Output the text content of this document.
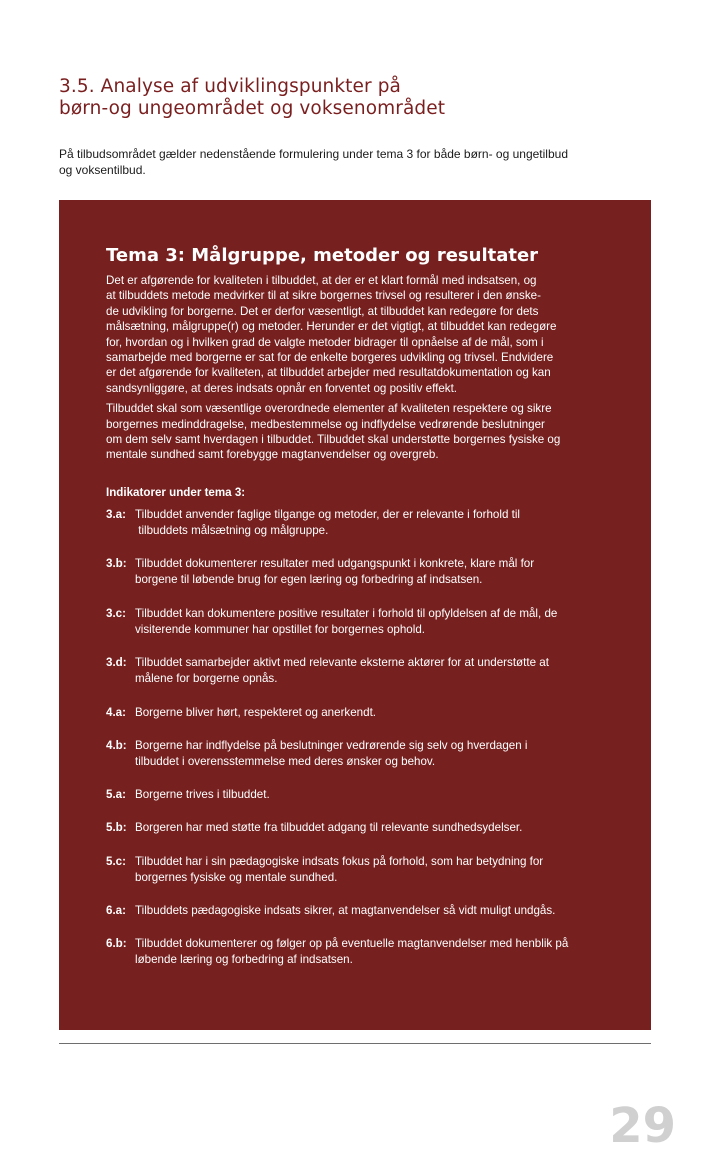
3.5. Analyse af udviklingspunkter på
børn-og ungeområdet og voksenområdet

På tilbudsområdet gælder nedenstående formulering under tema 3 for både børn- og ungetilbud
og voksentilbud.

Tema 3: Målgruppe, metoder og resultater

Det er afgørende for kvaliteten i tilbuddet, at der er et klart formål med indsatsen, og
at tilbuddets metode medvirker til at sikre borgernes trivsel og resulterer i den ønske-
de udvikling for borgerne. Det er derfor væsentligt, at tilbuddet kan redegøre for dets
målsætning, målgruppe(r) og metoder. Herunder er det vigtigt, at tilbuddet kan redegøre
for, hvordan og i hvilken grad de valgte metoder bidrager til opnåelse af de mål, som i
samarbejde med borgerne er sat for de enkelte borgeres udvikling og trivsel. Endvidere
er det afgørende for kvaliteten, at tilbuddet arbejder med resultatdokumentation og kan
sandsynliggøre, at deres indsats opnår en forventet og positiv effekt.

Tilbuddet skal som væsentlige overordnede elementer af kvaliteten respektere og sikre
borgernes medinddragelse, medbestemmelse og indflydelse vedrørende beslutninger
om dem selv samt hverdagen i tilbuddet. Tilbuddet skal understøtte borgernes fysiske og
mentale sundhed samt forebygge magtanvendelser og overgreb.

Indikatorer under tema 3:

3.a: Tilbuddet anvender faglige tilgange og metoder, der er relevante i forhold til
tilbuddets målsætning og målgruppe.
3.b: Tilbuddet dokumenterer resultater med udgangspunkt i konkrete, klare mål for
borgene til løbende brug for egen læring og forbedring af indsatsen.
3.c: Tilbuddet kan dokumentere positive resultater i forhold til opfyldelsen af de mål, de
visiterende kommuner har opstillet for borgernes ophold.
3.d: Tilbuddet samarbejder aktivt med relevante eksterne aktører for at understøtte at
målene for borgerne opnås.
4.a: Borgerne bliver hørt, respekteret og anerkendt.
4.b: Borgerne har indflydelse på beslutninger vedrørende sig selv og hverdagen i
tilbuddet i overensstemmelse med deres ønsker og behov.
5.a: Borgerne trives i tilbuddet.
5.b: Borgeren har med støtte fra tilbuddet adgang til relevante sundhedsydelser.
5.c: Tilbuddet har i sin pædagogiske indsats fokus på forhold, som har betydning for
borgernes fysiske og mentale sundhed.
6.a: Tilbuddets pædagogiske indsats sikrer, at magtanvendelser så vidt muligt undgås.
6.b: Tilbuddet dokumenterer og følger op på eventuelle magtanvendelser med henblik på
løbende læring og forbedring af indsatsen.

29
